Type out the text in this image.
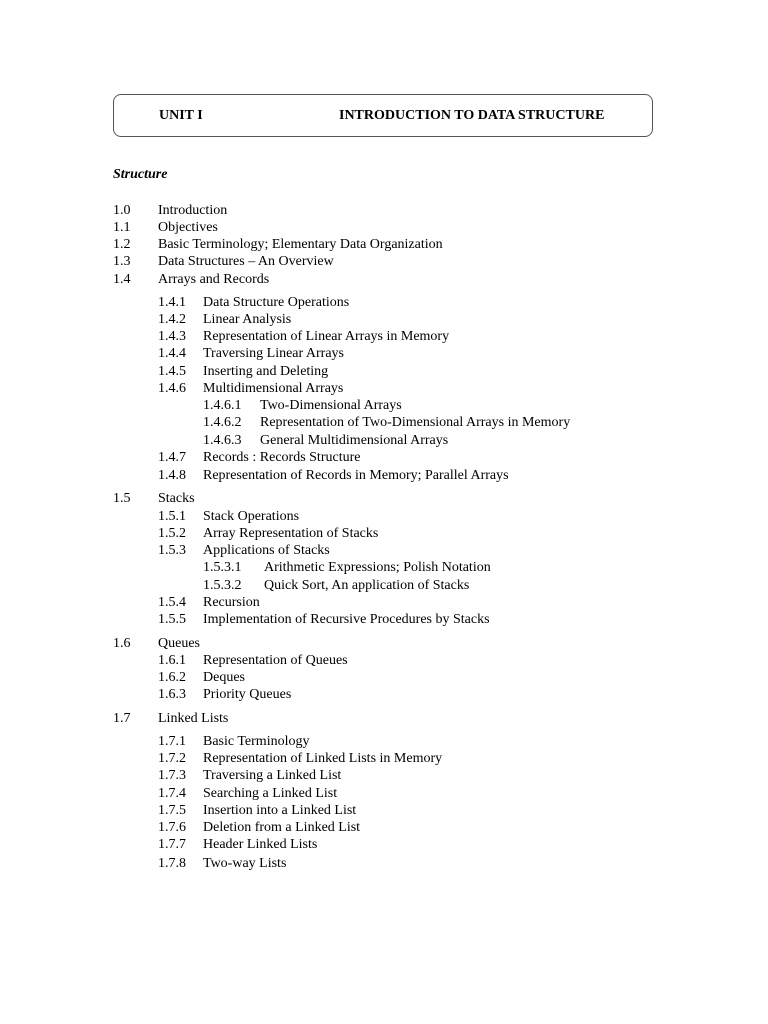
UNIT I	INTRODUCTION TO DATA STRUCTURE
Structure
1.0 Introduction
1.1 Objectives
1.2 Basic Terminology; Elementary Data Organization
1.3 Data Structures – An Overview
1.4 Arrays and Records
1.4.1 Data Structure Operations
1.4.2 Linear Analysis
1.4.3 Representation of Linear Arrays in Memory
1.4.4 Traversing Linear Arrays
1.4.5 Inserting and Deleting
1.4.6 Multidimensional Arrays
1.4.6.1 Two-Dimensional Arrays
1.4.6.2 Representation of Two-Dimensional Arrays in Memory
1.4.6.3 General Multidimensional Arrays
1.4.7 Records : Records Structure
1.4.8 Representation of Records in Memory; Parallel Arrays
1.5 Stacks
1.5.1 Stack Operations
1.5.2 Array Representation of Stacks
1.5.3 Applications of Stacks
1.5.3.1 Arithmetic Expressions; Polish Notation
1.5.3.2 Quick Sort, An application of Stacks
1.5.4 Recursion
1.5.5 Implementation of Recursive Procedures by Stacks
1.6 Queues
1.6.1 Representation of Queues
1.6.2 Deques
1.6.3 Priority Queues
1.7 Linked Lists
1.7.1 Basic Terminology
1.7.2 Representation of Linked Lists in Memory
1.7.3 Traversing a Linked List
1.7.4 Searching a Linked List
1.7.5 Insertion into a Linked List
1.7.6 Deletion from a Linked List
1.7.7 Header Linked Lists
1.7.8 Two-way Lists
